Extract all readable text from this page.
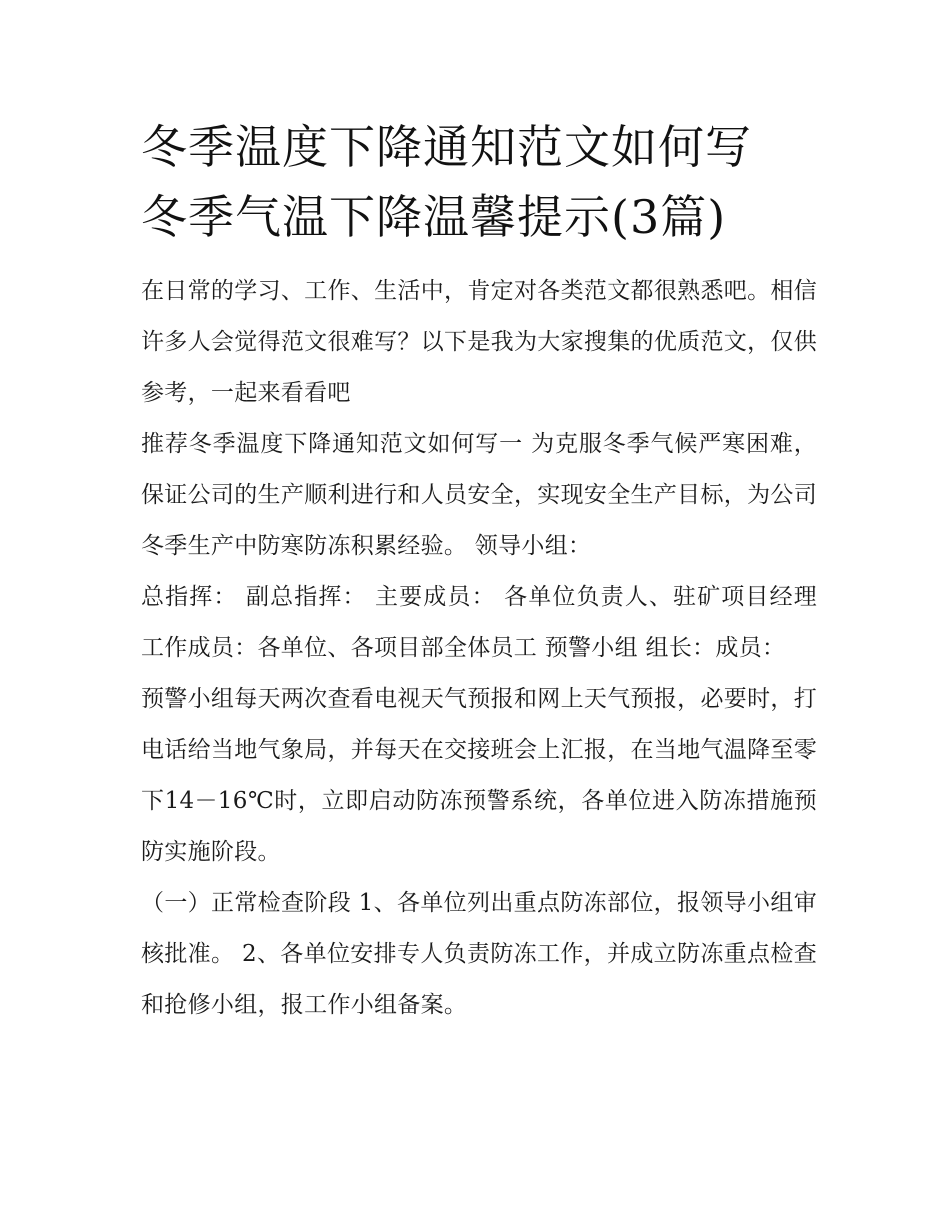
冬季温度下降通知范文如何写
冬季气温下降温馨提示(3篇)

在日常的学习、工作、生活中，肯定对各类范文都很熟悉吧。相信许多人会觉得范文很难写？以下是我为大家搜集的优质范文，仅供参考，一起来看看吧

推荐冬季温度下降通知范文如何写一 为克服冬季气候严寒困难，保证公司的生产顺利进行和人员安全，实现安全生产目标，为公司冬季生产中防寒防冻积累经验。 领导小组：

总指挥： 副总指挥： 主要成员： 各单位负责人、驻矿项目经理 工作成员：各单位、各项目部全体员工 预警小组 组长：成员：

预警小组每天两次查看电视天气预报和网上天气预报，必要时，打电话给当地气象局，并每天在交接班会上汇报，在当地气温降至零下14－16℃时，立即启动防冻预警系统，各单位进入防冻措施预防实施阶段。

（一）正常检查阶段 1、各单位列出重点防冻部位，报领导小组审核批准。 2、各单位安排专人负责防冻工作，并成立防冻重点检查和抢修小组，报工作小组备案。
